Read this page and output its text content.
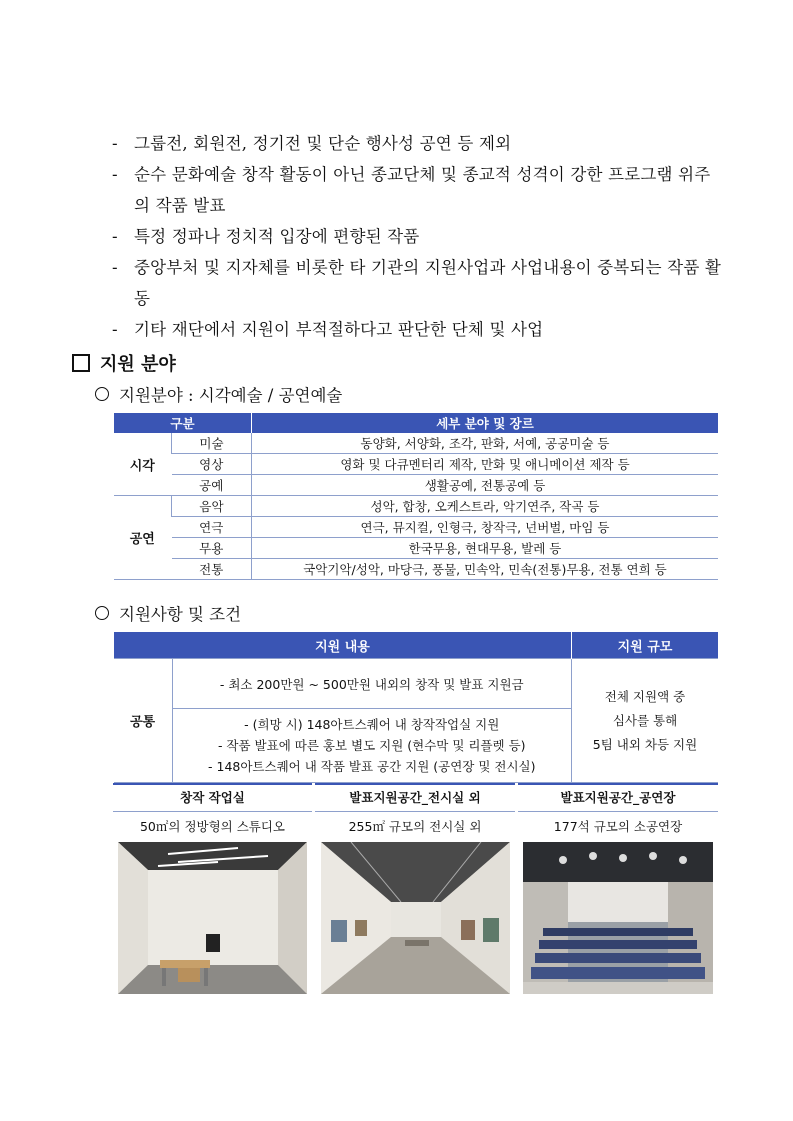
- 그룹전, 회원전, 정기전 및 단순 행사성 공연 등 제외
- 순수 문화예술 창작 활동이 아닌 종교단체 및 종교적 성격이 강한 프로그램 위주의 작품 발표
- 특정 정파나 정치적 입장에 편향된 작품
- 중앙부처 및 지자체를 비롯한 타 기관의 지원사업과 사업내용이 중복되는 작품 활동
- 기타 재단에서 지원이 부적절하다고 판단한 단체 및 사업
지원 분야
지원분야 : 시각예술 / 공연예술
구분		세부 분야 및 장르
시각	미술	동양화, 서양화, 조각, 판화, 서예, 공공미술 등
	영상	영화 및 다큐멘터리 제작, 만화 및 애니메이션 제작 등
	공예	생활공예, 전통공예 등
공연	음악	성악, 합창, 오케스트라, 악기연주, 작곡 등
	연극	연극, 뮤지컬, 인형극, 창작극, 넌버벌, 마임 등
	무용	한국무용, 현대무용, 발레 등
	전통	국악기악/성악, 마당극, 풍물, 민속악, 민속(전통)무용, 전통 연희 등
지원사항 및 조건
지원 내용		지원 규모
공통	- 최소 200만원 ~ 500만원 내외의 창작 및 발표 지원금	전체 지원액 중
심사를 통해
5팀 내외 차등 지원

	- (희망 시) 148아트스퀘어 내 창작작업실 지원
- 작품 발표에 따른 홍보 별도 지원 (현수막 및 리플렛 등)
- 148아트스퀘어 내 작품 발표 공간 지원 (공연장 및 전시실)	
창작 작업실
50㎡의 정방형의 스튜디오
발표지원공간_전시실 외
255㎡ 규모의 전시실 외
발표지원공간_공연장
177석 규모의 소공연장
